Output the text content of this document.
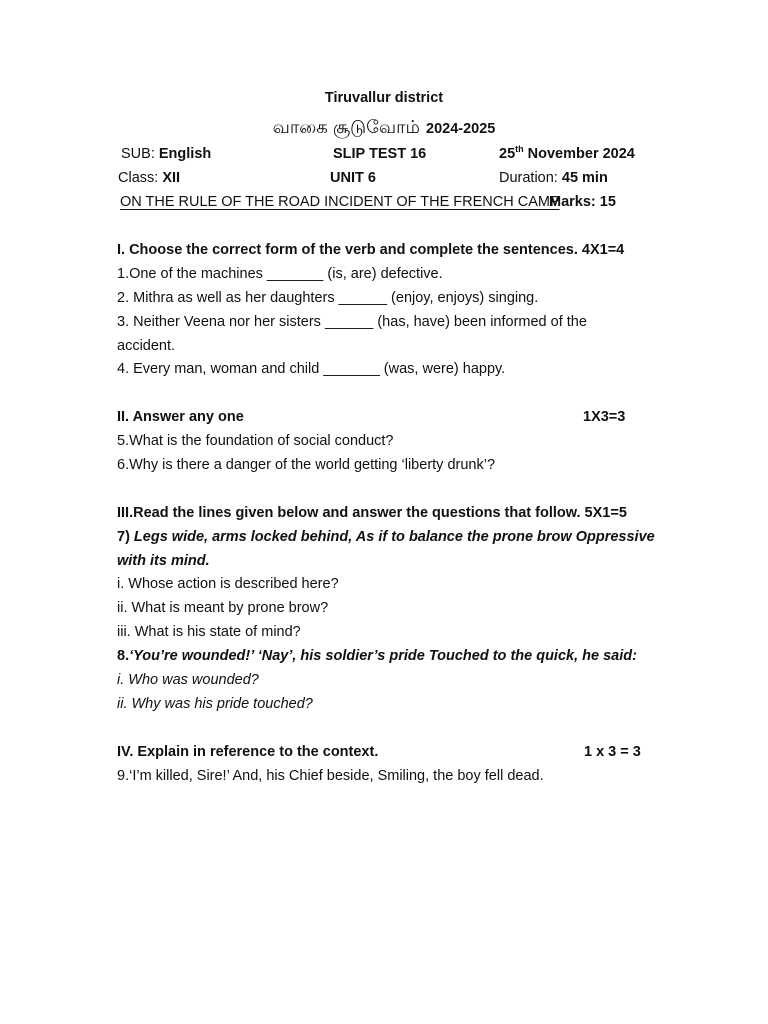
Tiruvallur district
வாகை சூடுவோம் 2024-2025
SUB: English	SLIP TEST 16	25th November 2024
Class: XII	UNIT 6	Duration: 45 min
ON THE RULE OF THE ROAD INCIDENT OF THE FRENCH CAMP
Marks: 15
I. Choose the correct form of the verb and complete the sentences. 4X1=4
1.One of the machines _______ (is, are) defective.
2. Mithra as well as her daughters ______ (enjoy, enjoys) singing.
3. Neither Veena nor her sisters ______ (has, have) been informed of the
accident.
4. Every man, woman and child _______ (was, were) happy.
II. Answer any one	1X3=3
5.What is the foundation of social conduct?
6.Why is there a danger of the world getting ‘liberty drunk’?
III.Read the lines given below and answer the questions that follow. 5X1=5
7) Legs wide, arms locked behind, As if to balance the prone brow Oppressive
with its mind.
i. Whose action is described here?
ii. What is meant by prone brow?
iii. What is his state of mind?
8.‘You’re wounded!’ ‘Nay’, his soldier’s pride Touched to the quick, he said:
i. Who was wounded?
ii. Why was his pride touched?
IV. Explain in reference to the context.	1 x 3 = 3
9.‘I’m killed, Sire!’ And, his Chief beside, Smiling, the boy fell dead.
